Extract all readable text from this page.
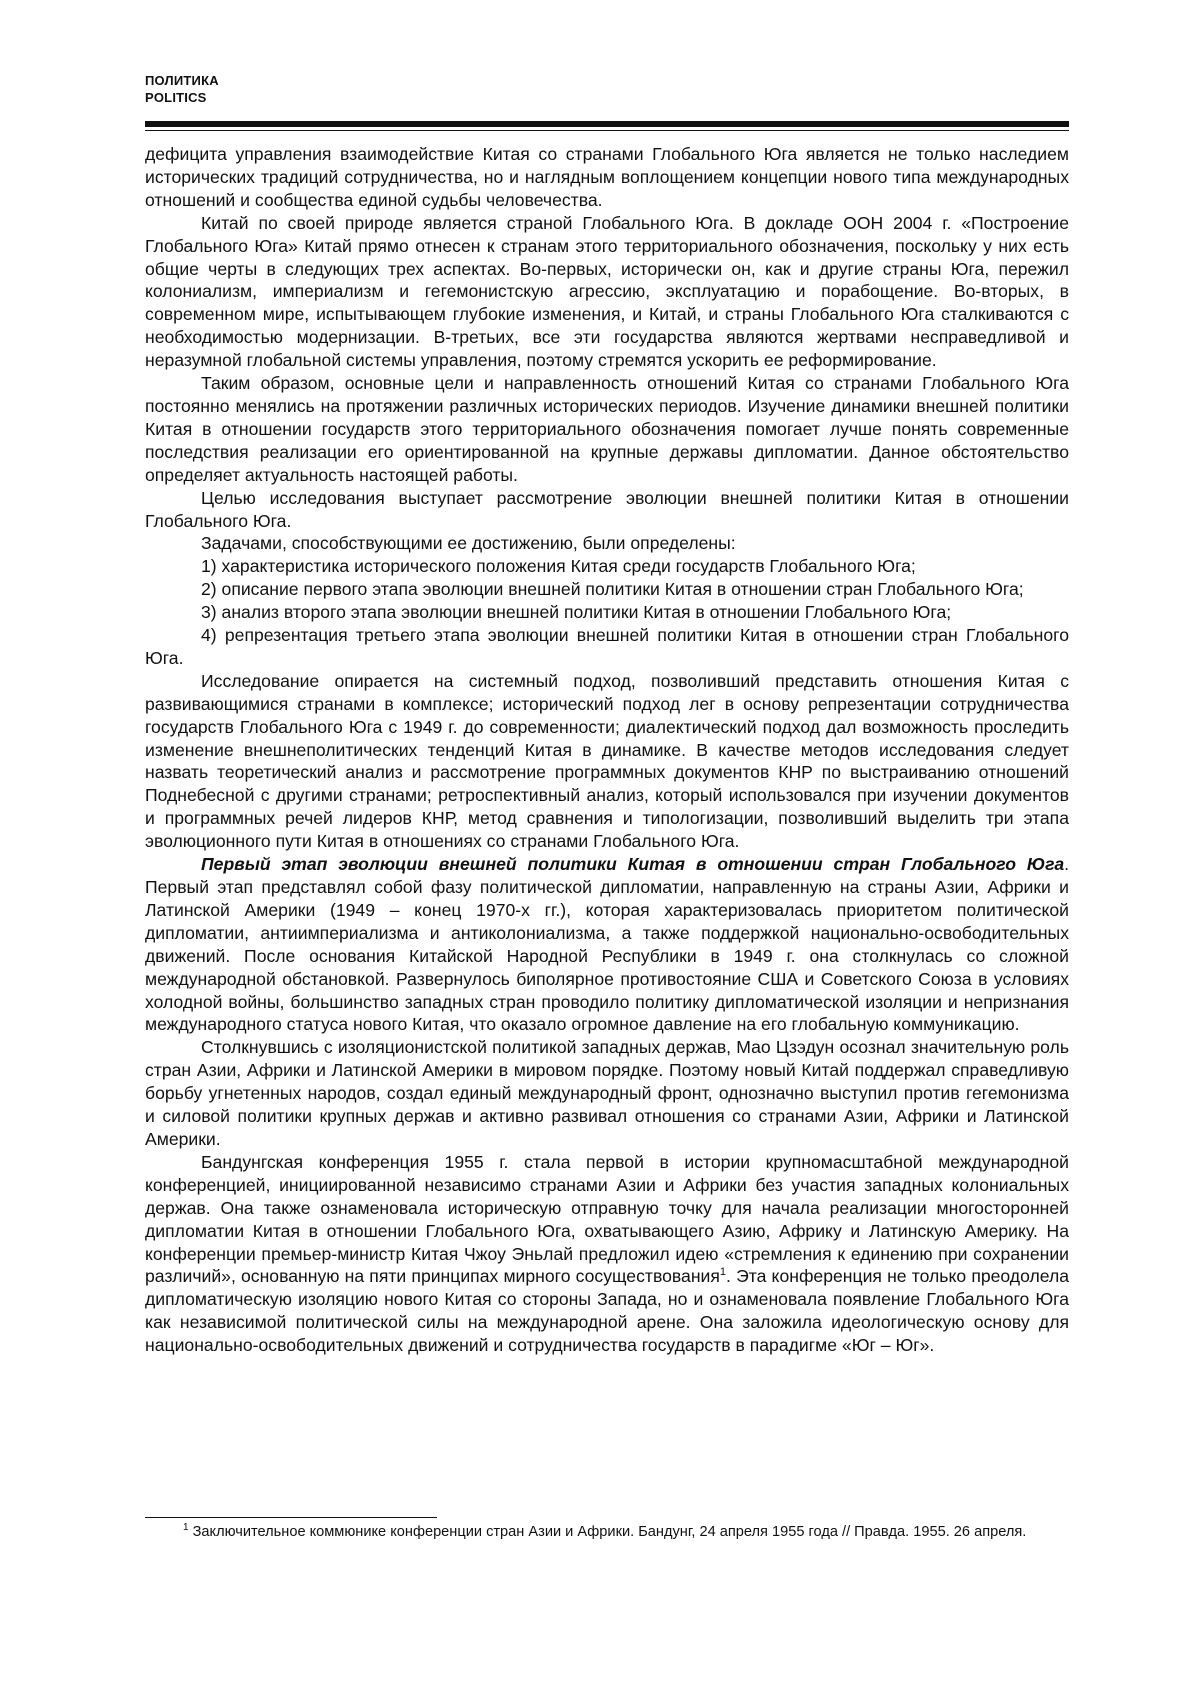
ПОЛИТИКА
POLITICS

дефицита управления взаимодействие Китая со странами Глобального Юга является не только наследием исторических традиций сотрудничества, но и наглядным воплощением концепции нового типа международных отношений и сообщества единой судьбы человечества.

Китай по своей природе является страной Глобального Юга. В докладе ООН 2004 г. «Построение Глобального Юга» Китай прямо отнесен к странам этого территориального обозначения, поскольку у них есть общие черты в следующих трех аспектах. Во-первых, исторически он, как и другие страны Юга, пережил колониализм, империализм и гегемонистскую агрессию, эксплуатацию и порабощение. Во-вторых, в современном мире, испытывающем глубокие изменения, и Китай, и страны Глобального Юга сталкиваются с необходимостью модернизации. В-третьих, все эти государства являются жертвами несправедливой и неразумной глобальной системы управления, поэтому стремятся ускорить ее реформирование.

Таким образом, основные цели и направленность отношений Китая со странами Глобального Юга постоянно менялись на протяжении различных исторических периодов. Изучение динамики внешней политики Китая в отношении государств этого территориального обозначения помогает лучше понять современные последствия реализации его ориентированной на крупные державы дипломатии. Данное обстоятельство определяет актуальность настоящей работы.

Целью исследования выступает рассмотрение эволюции внешней политики Китая в отношении Глобального Юга.

Задачами, способствующими ее достижению, были определены:

1) характеристика исторического положения Китая среди государств Глобального Юга;

2) описание первого этапа эволюции внешней политики Китая в отношении стран Глобального Юга;

3) анализ второго этапа эволюции внешней политики Китая в отношении Глобального Юга;

4) репрезентация третьего этапа эволюции внешней политики Китая в отношении стран Глобального Юга.

Исследование опирается на системный подход, позволивший представить отношения Китая с развивающимися странами в комплексе; исторический подход лег в основу репрезентации сотрудничества государств Глобального Юга с 1949 г. до современности; диалектический подход дал возможность проследить изменение внешнеполитических тенденций Китая в динамике. В качестве методов исследования следует назвать теоретический анализ и рассмотрение программных документов КНР по выстраиванию отношений Поднебесной с другими странами; ретроспективный анализ, который использовался при изучении документов и программных речей лидеров КНР, метод сравнения и типологизации, позволивший выделить три этапа эволюционного пути Китая в отношениях со странами Глобального Юга.

Первый этап эволюции внешней политики Китая в отношении стран Глобального Юга. Первый этап представлял собой фазу политической дипломатии, направленную на страны Азии, Африки и Латинской Америки (1949 – конец 1970-х гг.), которая характеризовалась приоритетом политической дипломатии, антиимпериализма и антиколониализма, а также поддержкой национально-освободительных движений. После основания Китайской Народной Республики в 1949 г. она столкнулась со сложной международной обстановкой. Развернулось биполярное противостояние США и Советского Союза в условиях холодной войны, большинство западных стран проводило политику дипломатической изоляции и непризнания международного статуса нового Китая, что оказало огромное давление на его глобальную коммуникацию.

Столкнувшись с изоляционистской политикой западных держав, Мао Цзэдун осознал значительную роль стран Азии, Африки и Латинской Америки в мировом порядке. Поэтому новый Китай поддержал справедливую борьбу угнетенных народов, создал единый международный фронт, однозначно выступил против гегемонизма и силовой политики крупных держав и активно развивал отношения со странами Азии, Африки и Латинской Америки.

Бандунгская конференция 1955 г. стала первой в истории крупномасштабной международной конференцией, инициированной независимо странами Азии и Африки без участия западных колониальных держав. Она также ознаменовала историческую отправную точку для начала реализации многосторонней дипломатии Китая в отношении Глобального Юга, охватывающего Азию, Африку и Латинскую Америку. На конференции премьер-министр Китая Чжоу Эньлай предложил идею «стремления к единению при сохранении различий», основанную на пяти принципах мирного сосуществования$^1$. Эта конференция не только преодолела дипломатическую изоляцию нового Китая со стороны Запада, но и ознаменовала появление Глобального Юга как независимой политической силы на международной арене. Она заложила идеологическую основу для национально-освободительных движений и сотрудничества государств в парадигме «Юг – Юг».

$^1$ Заключительное коммюнике конференции стран Азии и Африки. Бандунг, 24 апреля 1955 года // Правда. 1955. 26 апреля.
